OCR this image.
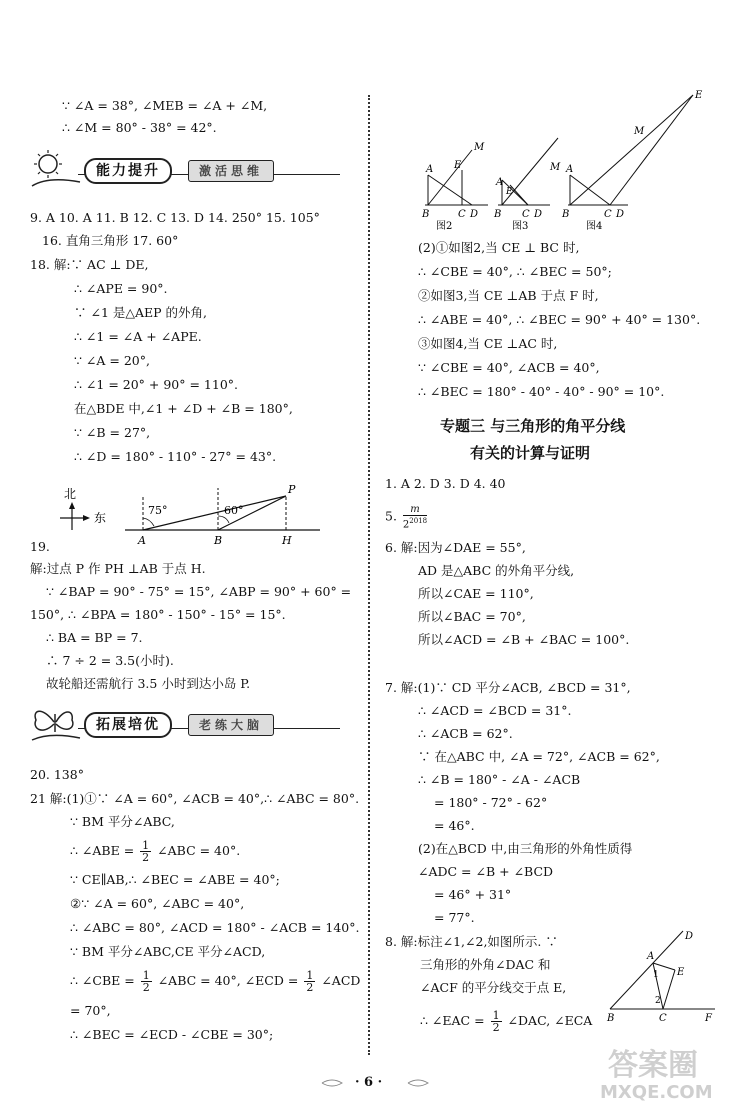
∵ ∠A = 38°, ∠MEB = ∠A + ∠M,
∴ ∠M = 80° - 38° = 42°.
能力提升	激活思维
9. A 10. A 11. B 12. C 13. D 14. 250° 15. 105°
16. 直角三角形 17. 60°
18. 解:∵ AC ⊥ DE,
∴ ∠APE = 90°.
∵ ∠1 是△AEP 的外角,
∴ ∠1 = ∠A + ∠APE.
∵ ∠A = 20°,
∴ ∠1 = 20° + 90° = 110°.
在△BDE 中,∠1 + ∠D + ∠B = 180°,
∵ ∠B = 27°,
∴ ∠D = 180° - 110° - 27° = 43°.
北
东
75°	60°
A	B	H
P
19.
解:过点 P 作 PH ⊥AB 于点 H.
∵ ∠BAP = 90° - 75° = 15°, ∠ABP = 90° + 60° =
150°, ∴ ∠BPA = 180° - 150° - 15° = 15°.
∴ BA = BP = 7.
∴ 7 ÷ 2 = 3.5(小时).
故轮船还需航行 3.5 小时到达小岛 P.
拓展培优	老练大脑
20. 138°
21 解:(1)①∵ ∠A = 60°, ∠ACB = 40°,∴ ∠ABC = 80°.
∵ BM 平分∠ABC,
∴ ∠ABE = $\frac{1}{2}$ ∠ABC = 40°.
∵ CE∥AB,∴ ∠BEC = ∠ABE = 40°;
②∵ ∠A = 60°, ∠ABC = 40°,
∴ ∠ABC = 80°, ∠ACD = 180° - ∠ACB = 140°.
∵ BM 平分∠ABC,CE 平分∠ACD,
∴ ∠CBE = $\frac{1}{2}$ ∠ABC = 40°, ∠ECD = $\frac{1}{2}$ ∠ACD
= 70°,
∴ ∠BEC = ∠ECD - ∠CBE = 30°;
A
B	C D
E
M
图2
A
B C D
E
M
图3
A
B	C D
E
M
图4
(2)①如图2,当 CE ⊥ BC 时,
∴ ∠CBE = 40°, ∴ ∠BEC = 50°;
②如图3,当 CE ⊥AB 于点 F 时,
∴ ∠ABE = 40°, ∴ ∠BEC = 90° + 40° = 130°.
③如图4,当 CE ⊥AC 时,
∵ ∠CBE = 40°, ∠ACB = 40°,
∴ ∠BEC = 180° - 40° - 40° - 90° = 10°.
专题三 与三角形的角平分线
有关的计算与证明
1. A 2. D 3. D 4. 40
5. $\frac{m}{2^{2018}}$
6. 解:因为∠DAE = 55°,
AD 是△ABC 的外角平分线,
所以∠CAE = 110°,
所以∠BAC = 70°,
所以∠ACD = ∠B + ∠BAC = 100°.
7. 解:(1)∵ CD 平分∠ACB, ∠BCD = 31°,
∴ ∠ACD = ∠BCD = 31°.
∴ ∠ACB = 62°.
∵ 在△ABC 中, ∠A = 72°, ∠ACB = 62°,
∴ ∠B = 180° - ∠A - ∠ACB
= 180° - 72° - 62°
= 46°.
(2)在△BCD 中,由三角形的外角性质得
∠ADC = ∠B + ∠BCD
= 46° + 31°
= 77°.
8. 解:标注∠1,∠2,如图所示. ∵
三角形的外角∠DAC 和
∠ACF 的平分线交于点 E,
∴ ∠EAC = $\frac{1}{2}$ ∠DAC, ∠ECA
A
B	C
D
E
F
1
2
· 6 ·	答案圈
MXQE.COM
